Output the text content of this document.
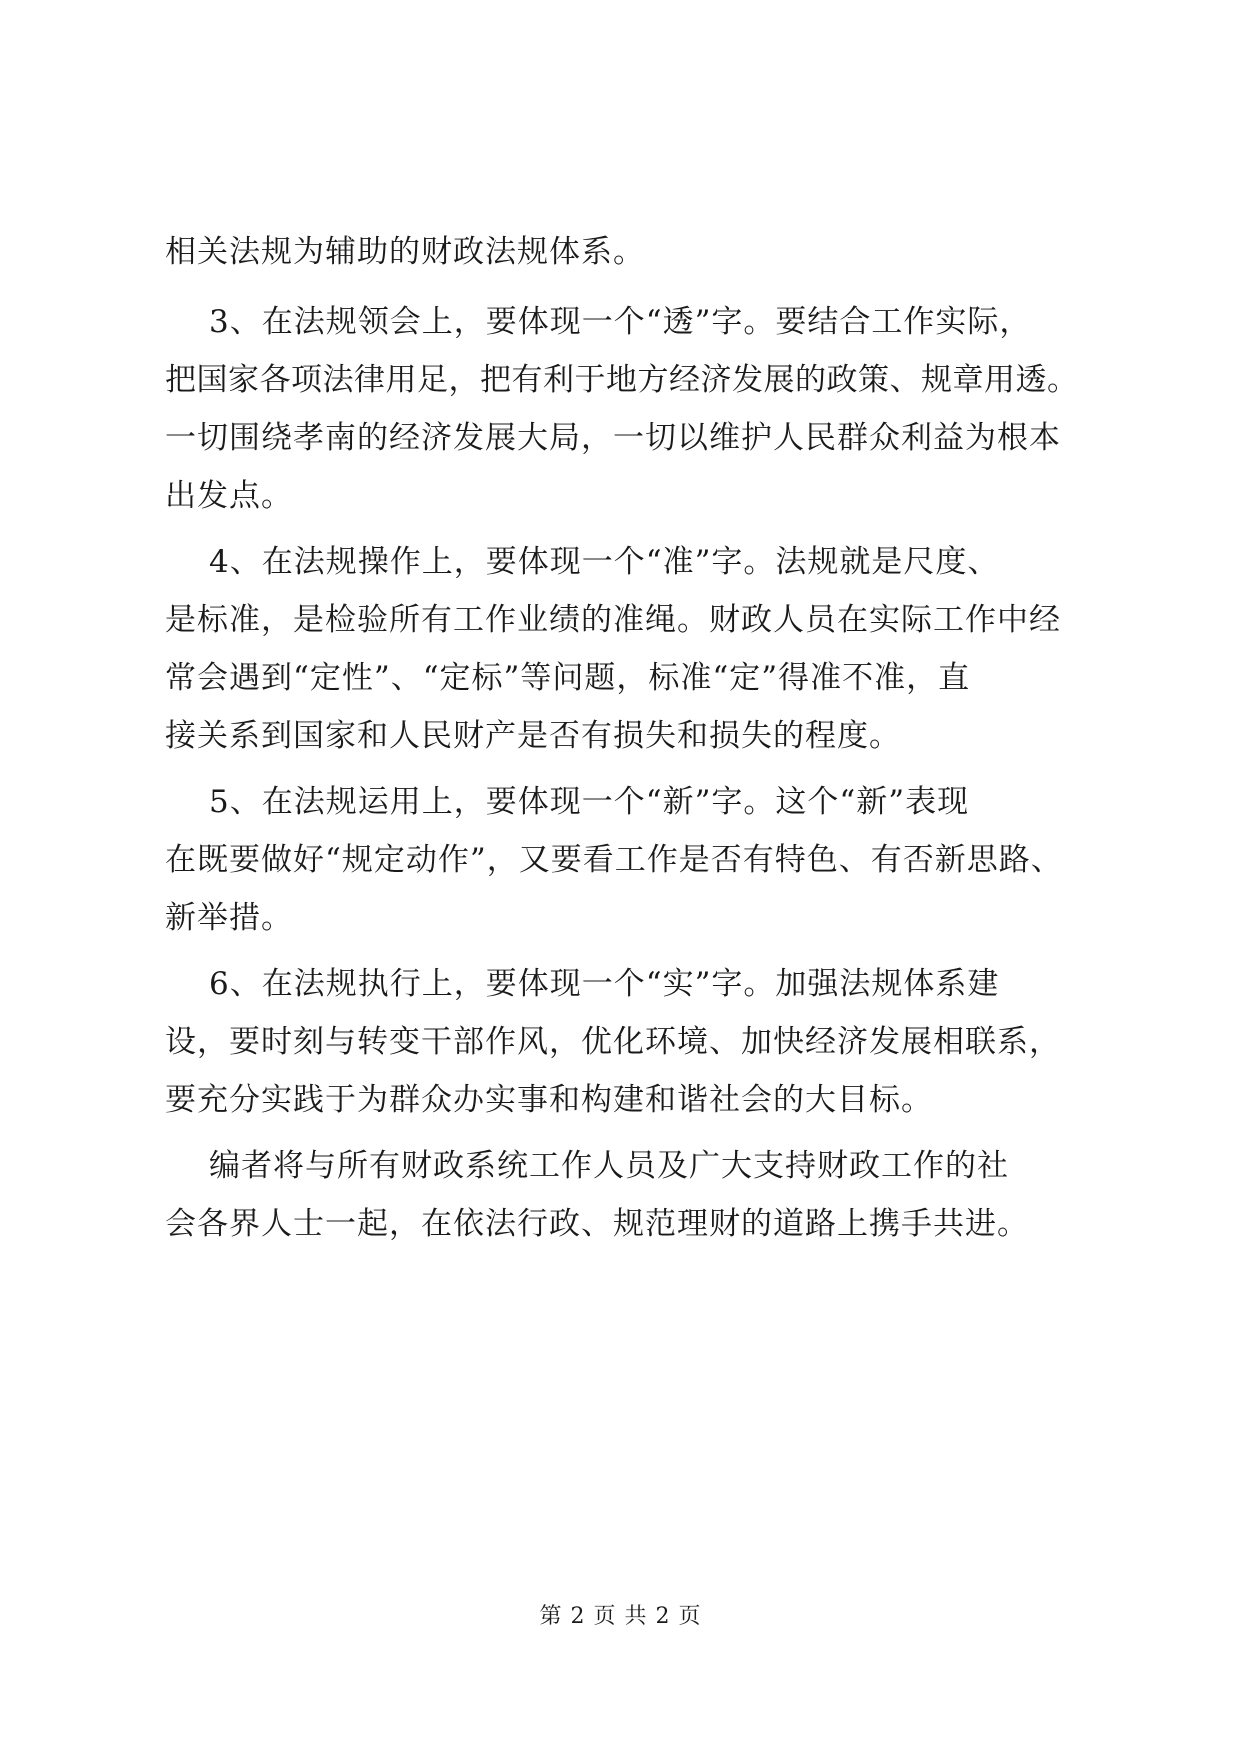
相关法规为辅助的财政法规体系。
3、在法规领会上，要体现一个“透”字。要结合工作实际，
把国家各项法律用足，把有利于地方经济发展的政策、规章用透。
一切围绕孝南的经济发展大局，一切以维护人民群众利益为根本
出发点。
4、在法规操作上，要体现一个“准”字。法规就是尺度、
是标准，是检验所有工作业绩的准绳。财政人员在实际工作中经
常会遇到“定性”、“定标”等问题，标准“定”得准不准，直
接关系到国家和人民财产是否有损失和损失的程度。
5、在法规运用上，要体现一个“新”字。这个“新”表现
在既要做好“规定动作”，又要看工作是否有特色、有否新思路、
新举措。
6、在法规执行上，要体现一个“实”字。加强法规体系建
设，要时刻与转变干部作风，优化环境、加快经济发展相联系，
要充分实践于为群众办实事和构建和谐社会的大目标。
编者将与所有财政系统工作人员及广大支持财政工作的社
会各界人士一起，在依法行政、规范理财的道路上携手共进。
第 2 页 共 2 页
